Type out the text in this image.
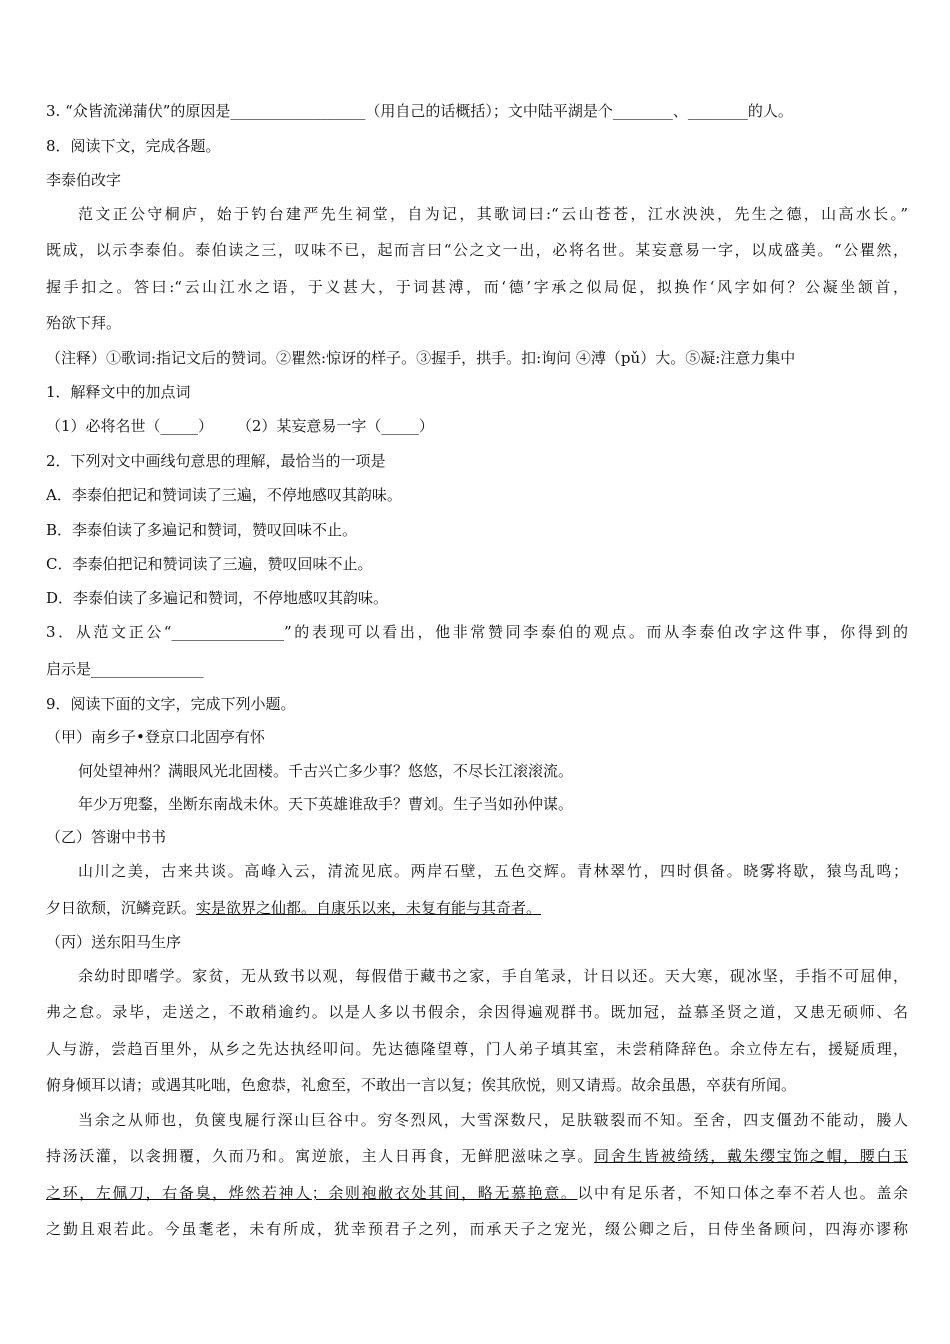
3. “众皆流涕蒲伏”的原因是__________________（用自己的话概括）；文中陆平湖是个________、________的人。

8．阅读下文，完成各题。

李泰伯改字

范文正公守桐庐，始于钓台建严先生祠堂，自为记，其歌词曰:“云山苍苍，江水泱泱，先生之德，山高水长。”

既成，以示李泰伯。泰伯读之三，叹味不已，起而言曰“公之文一出，必将名世。某妄意易一字，以成盛美。“公瞿然，

握手扣之。答曰:“云山江水之语，于义甚大，于词甚溥，而‘德’字承之似局促，拟换作‘风字如何？公凝坐颔首，

殆欲下拜。

（注释）①歌词:指记文后的赞词。②瞿然:惊讶的样子。③握手，拱手。扣:询问 ④溥（pǔ）大。⑤凝:注意力集中

1．解释文中的加点词

（1）必将名世（_____）     （2）某妄意易一字（_____）

2．下列对文中画线句意思的理解，最恰当的一项是

A．李泰伯把记和赞词读了三遍，不停地感叹其韵味。

B．李泰伯读了多遍记和赞词，赞叹回味不止。

C．李泰伯把记和赞词读了三遍，赞叹回味不止。

D．李泰伯读了多遍记和赞词，不停地感叹其韵味。

3．从范文正公“_______________”的表现可以看出，他非常赞同李泰伯的观点。而从李泰伯改字这件事，你得到的

启示是_______________

9．阅读下面的文字，完成下列小题。

（甲）南乡子•登京口北固亭有怀

何处望神州？满眼风光北固楼。千古兴亡多少事？悠悠，不尽长江滚滚流。

年少万兜鍪，坐断东南战未休。天下英雄谁敌手？曹刘。生子当如孙仲谋。

（乙）答谢中书书

山川之美，古来共谈。高峰入云，清流见底。两岸石壁，五色交辉。青林翠竹，四时俱备。晓雾将歇，猿鸟乱鸣；

夕日欲颓，沉鳞竞跃。实是欲界之仙都。自康乐以来，未复有能与其奇者。

（丙）送东阳马生序

余幼时即嗜学。家贫，无从致书以观，每假借于藏书之家，手自笔录，计日以还。天大寒，砚冰坚，手指不可屈伸，

弗之怠。录毕，走送之，不敢稍逾约。以是人多以书假余，余因得遍观群书。既加冠，益慕圣贤之道，又患无硕师、名

人与游，尝趋百里外，从乡之先达执经叩问。先达德隆望尊，门人弟子填其室，未尝稍降辞色。余立侍左右，援疑质理，

俯身倾耳以请；或遇其叱咄，色愈恭，礼愈至，不敢出一言以复；俟其欣悦，则又请焉。故余虽愚，卒获有所闻。

当余之从师也，负箧曳屣行深山巨谷中。穷冬烈风，大雪深数尺，足肤皲裂而不知。至舍，四支僵劲不能动，媵人

持汤沃灌，以衾拥覆，久而乃和。寓逆旅，主人日再食，无鲜肥滋味之享。同舍生皆被绮绣，戴朱缨宝饰之帽，腰白玉

之环，左佩刀，右备臭，烨然若神人；余则袍敝衣处其间，略无慕艳意。以中有足乐者，不知口体之奉不若人也。盖余

之勤且艰若此。今虽耄老，未有所成，犹幸预君子之列，而承天子之宠光，缀公卿之后，日侍坐备顾问，四海亦谬称
